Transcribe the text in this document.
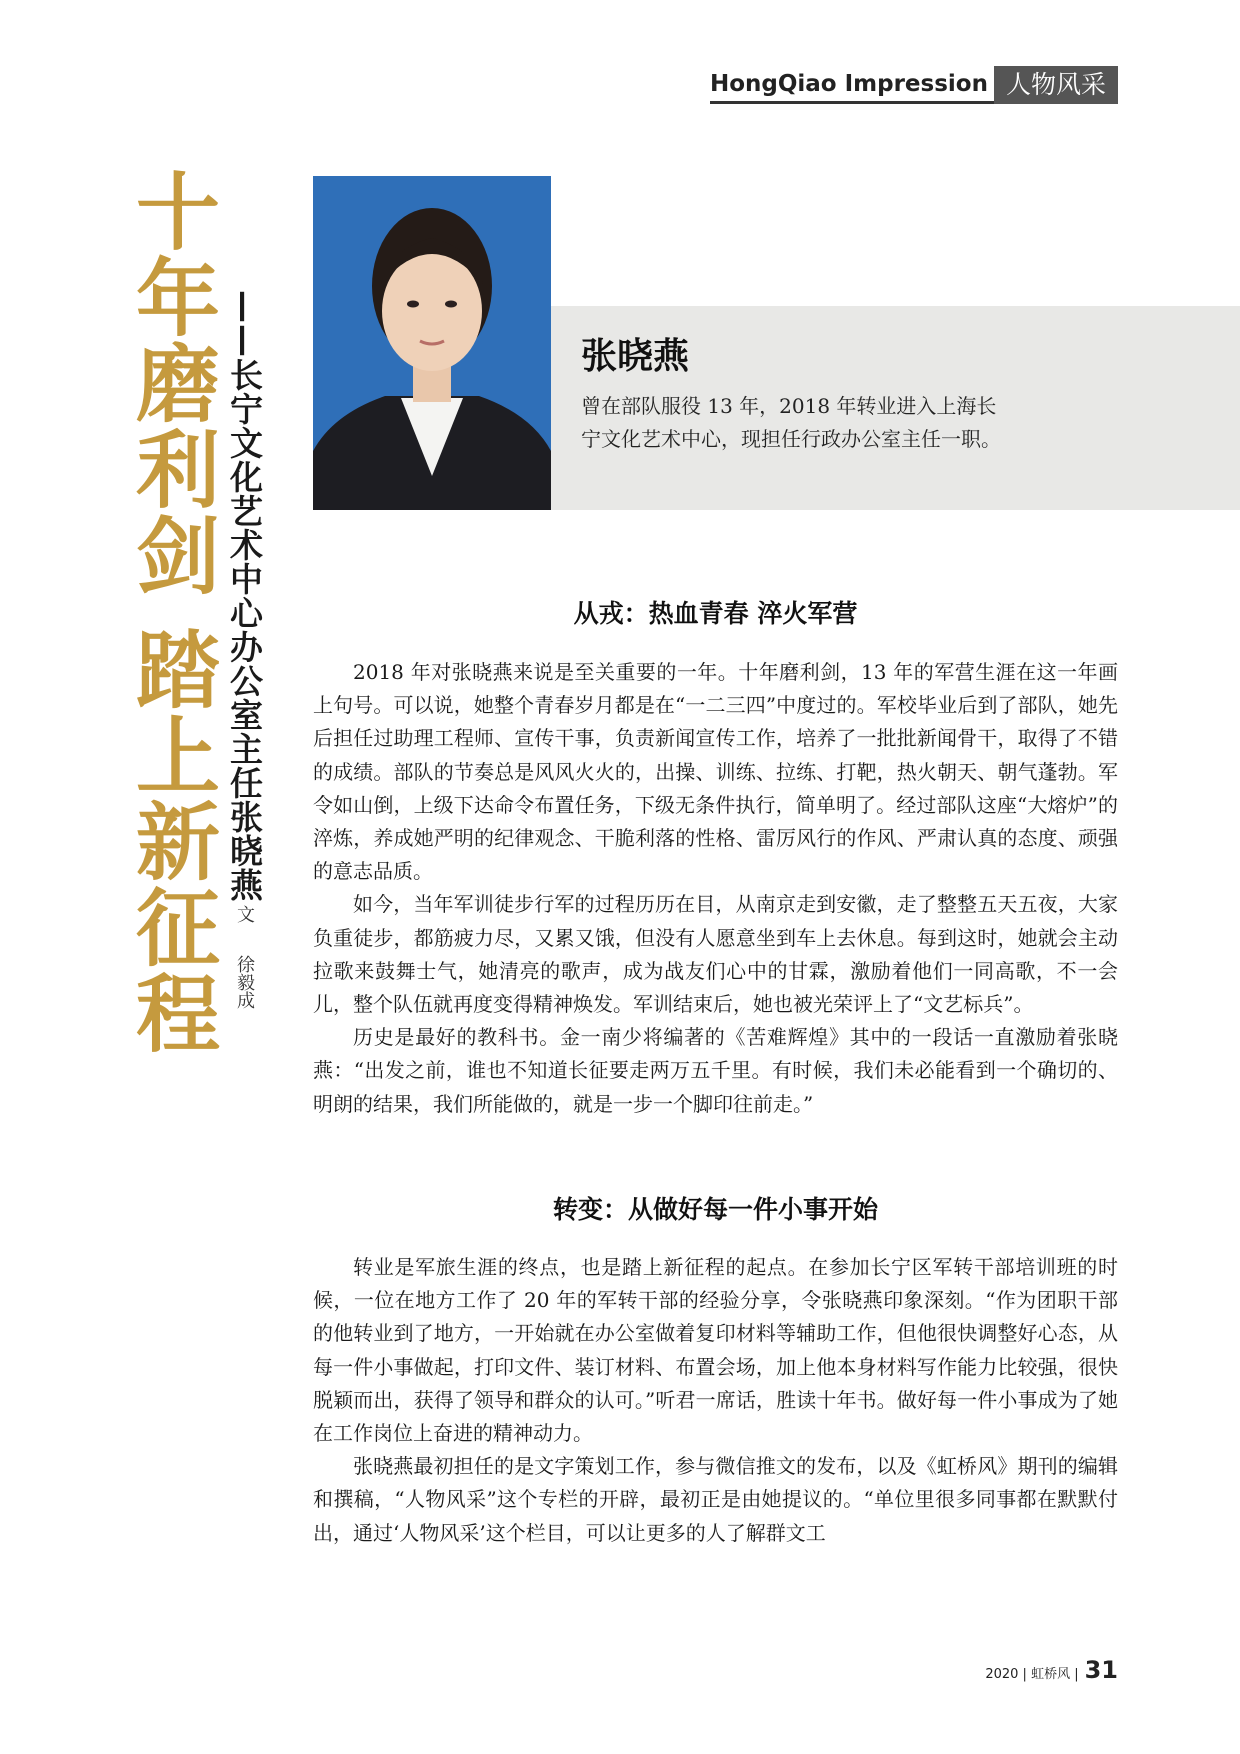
HongQiao Impression 人物风采
十年磨利剑
踏上新征程
——长宁文化艺术中心办公室主任张晓燕
文 徐毅成
张晓燕
曾在部队服役 13 年，2018 年转业进入上海长宁文化艺术中心，现担任行政办公室主任一职。
从戎：热血青春 淬火军营

2018 年对张晓燕来说是至关重要的一年。十年磨利剑，13 年的军营生涯在这一年画上句号。可以说，她整个青春岁月都是在“一二三四”中度过的。军校毕业后到了部队，她先后担任过助理工程师、宣传干事，负责新闻宣传工作，培养了一批批新闻骨干，取得了不错的成绩。部队的节奏总是风风火火的，出操、训练、拉练、打靶，热火朝天、朝气蓬勃。军令如山倒，上级下达命令布置任务，下级无条件执行，简单明了。经过部队这座“大熔炉”的淬炼，养成她严明的纪律观念、干脆利落的性格、雷厉风行的作风、严肃认真的态度、顽强的意志品质。

如今，当年军训徒步行军的过程历历在目，从南京走到安徽，走了整整五天五夜，大家负重徒步，都筋疲力尽，又累又饿，但没有人愿意坐到车上去休息。每到这时，她就会主动拉歌来鼓舞士气，她清亮的歌声，成为战友们心中的甘霖，激励着他们一同高歌，不一会儿，整个队伍就再度变得精神焕发。军训结束后，她也被光荣评上了“文艺标兵”。

历史是最好的教科书。金一南少将编著的《苦难辉煌》其中的一段话一直激励着张晓燕：“出发之前，谁也不知道长征要走两万五千里。有时候，我们未必能看到一个确切的、明朗的结果，我们所能做的，就是一步一个脚印往前走。”

转变：从做好每一件小事开始

转业是军旅生涯的终点，也是踏上新征程的起点。在参加长宁区军转干部培训班的时候，一位在地方工作了 20 年的军转干部的经验分享，令张晓燕印象深刻。“作为团职干部的他转业到了地方，一开始就在办公室做着复印材料等辅助工作，但他很快调整好心态，从每一件小事做起，打印文件、装订材料、布置会场，加上他本身材料写作能力比较强，很快脱颖而出，获得了领导和群众的认可。”听君一席话，胜读十年书。做好每一件小事成为了她在工作岗位上奋进的精神动力。

张晓燕最初担任的是文字策划工作，参与微信推文的发布，以及《虹桥风》期刊的编辑和撰稿，“人物风采”这个专栏的开辟，最初正是由她提议的。“单位里很多同事都在默默付出，通过‘人物风采’这个栏目，可以让更多的人了解群文工

2020 | 虹桥风 | 31
